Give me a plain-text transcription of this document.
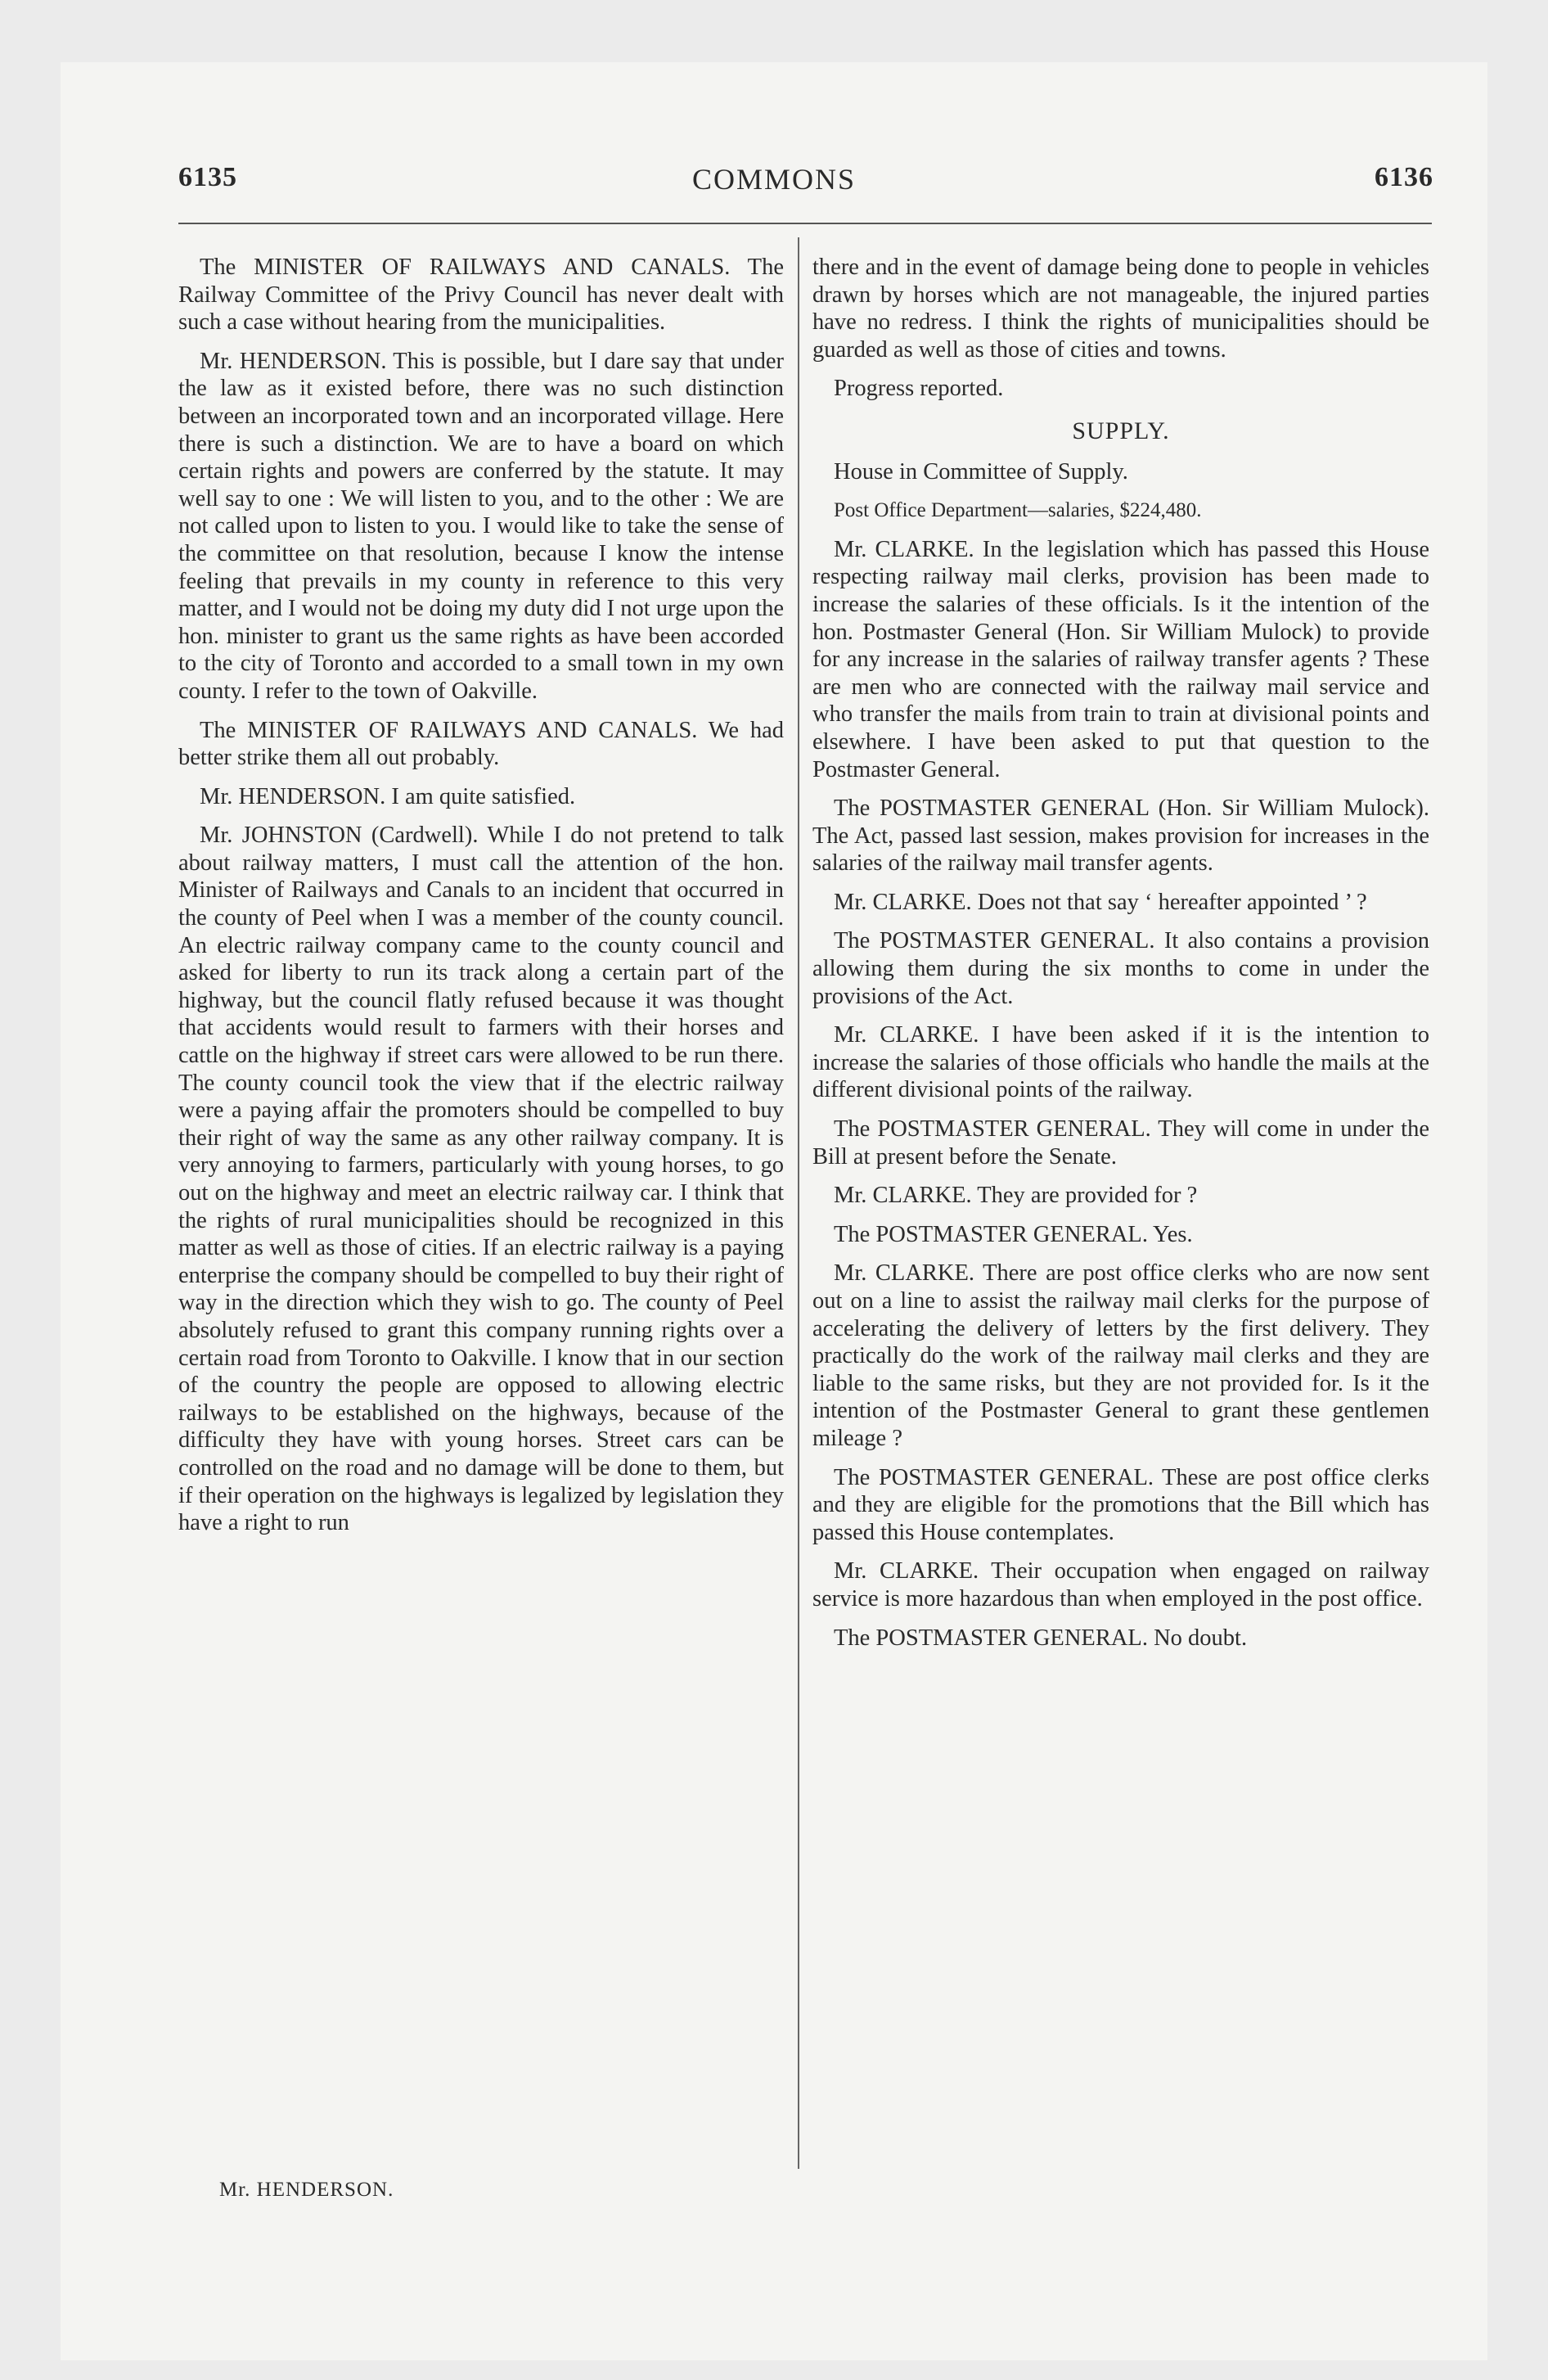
6135	COMMONS	6136

The MINISTER OF RAILWAYS AND CANALS. The Railway Committee of the Privy Council has never dealt with such a case without hearing from the municipalities.

Mr. HENDERSON. This is possible, but I dare say that under the law as it existed before, there was no such distinction between an incorporated town and an incorporated village. Here there is such a distinction. We are to have a board on which certain rights and powers are conferred by the statute. It may well say to one : We will listen to you, and to the other : We are not called upon to listen to you. I would like to take the sense of the committee on that resolution, because I know the intense feeling that prevails in my county in reference to this very matter, and I would not be doing my duty did I not urge upon the hon. minister to grant us the same rights as have been accorded to the city of Toronto and accorded to a small town in my own county. I refer to the town of Oakville.

The MINISTER OF RAILWAYS AND CANALS. We had better strike them all out probably.

Mr. HENDERSON. I am quite satisfied.

Mr. JOHNSTON (Cardwell). While I do not pretend to talk about railway matters, I must call the attention of the hon. Minister of Railways and Canals to an incident that occurred in the county of Peel when I was a member of the county council. An electric railway company came to the county council and asked for liberty to run its track along a certain part of the highway, but the council flatly refused because it was thought that accidents would result to farmers with their horses and cattle on the highway if street cars were allowed to be run there. The county council took the view that if the electric railway were a paying affair the promoters should be compelled to buy their right of way the same as any other railway company. It is very annoying to farmers, particularly with young horses, to go out on the highway and meet an electric railway car. I think that the rights of rural municipalities should be recognized in this matter as well as those of cities. If an electric railway is a paying enterprise the company should be compelled to buy their right of way in the direction which they wish to go. The county of Peel absolutely refused to grant this company running rights over a certain road from Toronto to Oakville. I know that in our section of the country the people are opposed to allowing electric railways to be established on the highways, because of the difficulty they have with young horses. Street cars can be controlled on the road and no damage will be done to them, but if their operation on the highways is legalized by legislation they have a right to run

there and in the event of damage being done to people in vehicles drawn by horses which are not manageable, the injured parties have no redress. I think the rights of municipalities should be guarded as well as those of cities and towns.

Progress reported.

SUPPLY.

House in Committee of Supply.

Post Office Department—salaries, $224,480.

Mr. CLARKE. In the legislation which has passed this House respecting railway mail clerks, provision has been made to increase the salaries of these officials. Is it the intention of the hon. Postmaster General (Hon. Sir William Mulock) to provide for any increase in the salaries of railway transfer agents ? These are men who are connected with the railway mail service and who transfer the mails from train to train at divisional points and elsewhere. I have been asked to put that question to the Postmaster General.

The POSTMASTER GENERAL (Hon. Sir William Mulock). The Act, passed last session, makes provision for increases in the salaries of the railway mail transfer agents.

Mr. CLARKE. Does not that say ‘ hereafter appointed ’ ?

The POSTMASTER GENERAL. It also contains a provision allowing them during the six months to come in under the provisions of the Act.

Mr. CLARKE. I have been asked if it is the intention to increase the salaries of those officials who handle the mails at the different divisional points of the railway.

The POSTMASTER GENERAL. They will come in under the Bill at present before the Senate.

Mr. CLARKE. They are provided for ?

The POSTMASTER GENERAL. Yes.

Mr. CLARKE. There are post office clerks who are now sent out on a line to assist the railway mail clerks for the purpose of accelerating the delivery of letters by the first delivery. They practically do the work of the railway mail clerks and they are liable to the same risks, but they are not provided for. Is it the intention of the Postmaster General to grant these gentlemen mileage ?

The POSTMASTER GENERAL. These are post office clerks and they are eligible for the promotions that the Bill which has passed this House contemplates.

Mr. CLARKE. Their occupation when engaged on railway service is more hazardous than when employed in the post office.

The POSTMASTER GENERAL. No doubt.

Mr. HENDERSON.
